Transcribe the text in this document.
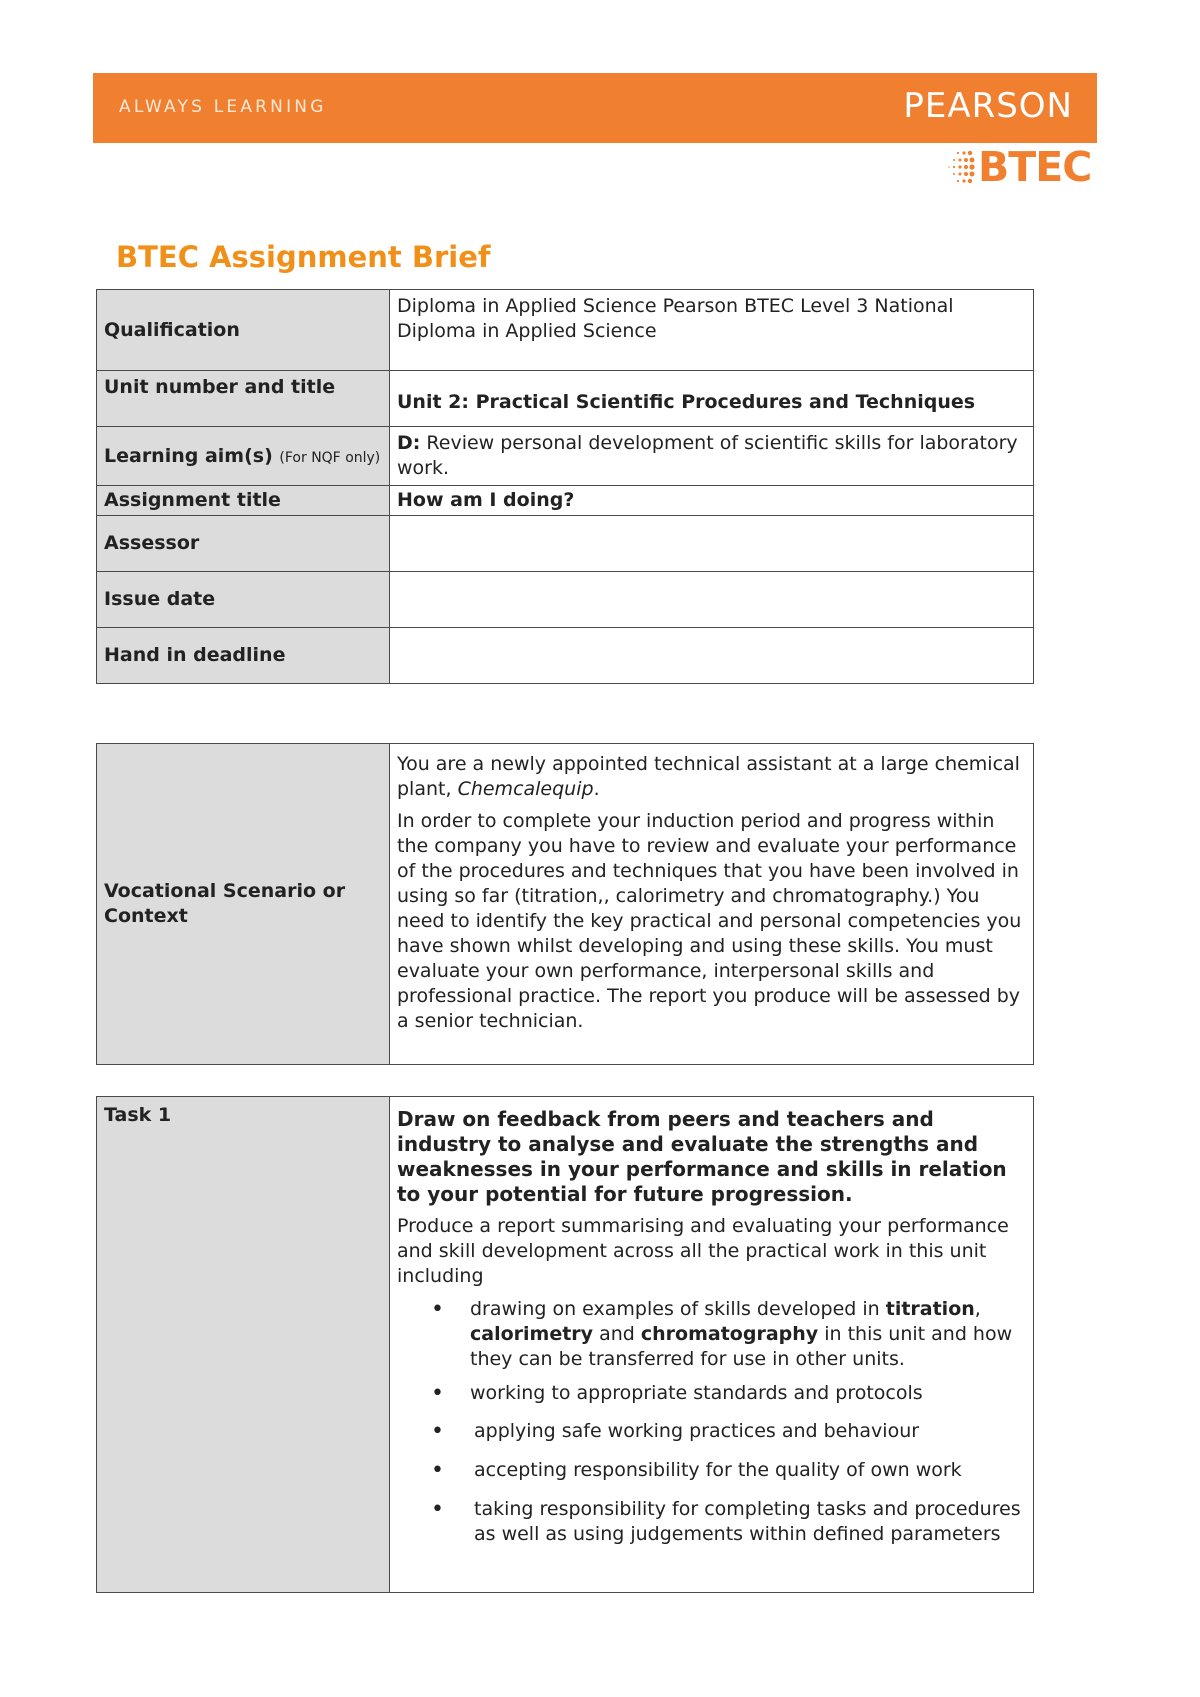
ALWAYS LEARNING	PEARSON
BTEC
BTEC Assignment Brief
Qualification	Diploma in Applied Science Pearson BTEC Level 3 National Diploma in Applied Science
Unit number and title	Unit 2: Practical Scientific Procedures and Techniques
Learning aim(s) (For NQF only)	D: Review personal development of scientific skills for laboratory work.
Assignment title	How am I doing?
Assessor	
Issue date	
Hand in deadline	
Vocational Scenario or Context	

You are a newly appointed technical assistant at a large chemical plant, Chemcalequip.

In order to complete your induction period and progress within the company you have to review and evaluate your performance of the procedures and techniques that you have been involved in using so far (titration,, calorimetry and chromatography.) You need to identify the key practical and personal competencies you have shown whilst developing and using these skills. You must evaluate your own performance, interpersonal skills and professional practice. The report you produce will be assessed by a senior technician.

Task 1	Draw on feedback from peers and teachers and industry to analyse and evaluate the strengths and weaknesses in your performance and skills in relation to your potential for future progression.

Produce a report summarising and evaluating your performance and skill development across all the practical work in this unit including

• drawing on examples of skills developed in titration, calorimetry and chromatography in this unit and how they can be transferred for use in other units.
• working to appropriate standards and protocols
• applying safe working practices and behaviour
• accepting responsibility for the quality of own work
• taking responsibility for completing tasks and procedures as well as using judgements within defined parameters
